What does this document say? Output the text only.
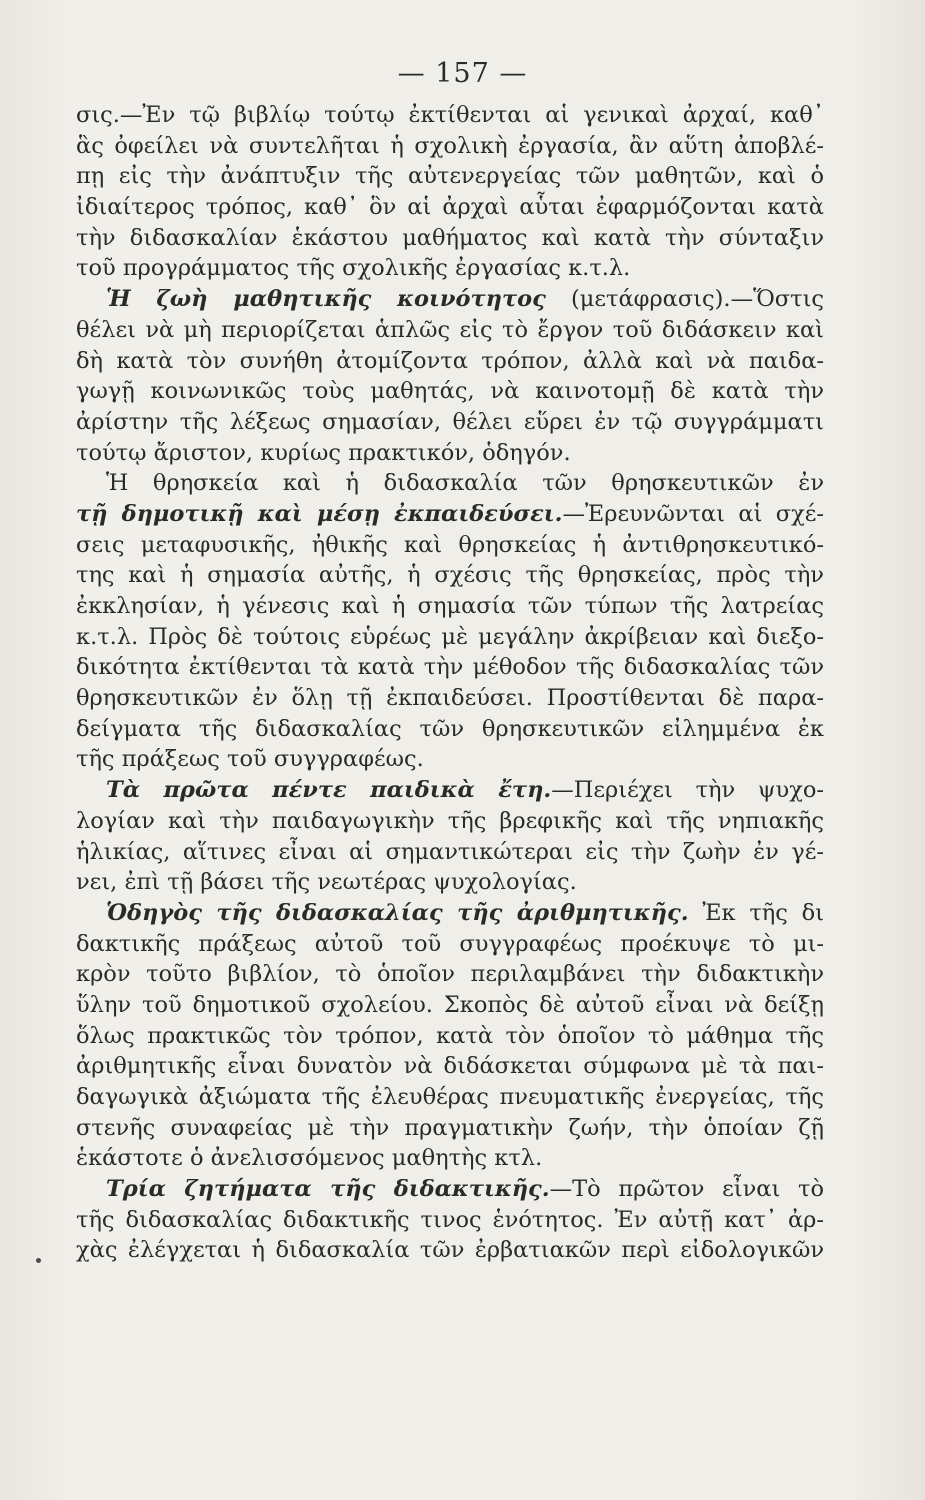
— 157 —
σις.—Ἐν τῷ βιβλίῳ τούτῳ ἐκτίθενται αἱ γενικαὶ ἀρχαί, καθ᾽
ἃς ὀφείλει νὰ συντελῆται ἡ σχολικὴ ἐργασία, ἂν αὕτη ἀποβλέ-
πῃ εἰς τὴν ἀνάπτυξιν τῆς αὐτενεργείας τῶν μαθητῶν, καὶ ὁ
ἰδιαίτερος τρόπος, καθ᾽ ὃν αἱ ἀρχαὶ αὗται ἐφαρμόζονται κατὰ
τὴν διδασκαλίαν ἑκάστου μαθήματος καὶ κατὰ τὴν σύνταξιν
τοῦ προγράμματος τῆς σχολικῆς ἐργασίας κ.τ.λ.
Ἡ ζωὴ μαθητικῆς κοινότητος (μετάφρασις).—Ὅστις
θέλει νὰ μὴ περιορίζεται ἁπλῶς εἰς τὸ ἔργον τοῦ διδάσκειν καὶ
δὴ κατὰ τὸν συνήθη ἀτομίζοντα τρόπον, ἀλλὰ καὶ νὰ παιδα-
γωγῇ κοινωνικῶς τοὺς μαθητάς, νὰ καινοτομῇ δὲ κατὰ τὴν
ἀρίστην τῆς λέξεως σημασίαν, θέλει εὕρει ἐν τῷ συγγράμματι
τούτῳ ἄριστον, κυρίως πρακτικόν, ὁδηγόν.
Ἡ θρησκεία καὶ ἡ διδασκαλία τῶν θρησκευτικῶν ἐν
τῇ δημοτικῇ καὶ μέσῃ ἐκπαιδεύσει.—Ἐρευνῶνται αἱ σχέ-
σεις μεταφυσικῆς, ἠθικῆς καὶ θρησκείας ἡ ἀντιθρησκευτικό-
της καὶ ἡ σημασία αὐτῆς, ἡ σχέσις τῆς θρησκείας, πρὸς τὴν
ἐκκλησίαν, ἡ γένεσις καὶ ἡ σημασία τῶν τύπων τῆς λατρείας
κ.τ.λ. Πρὸς δὲ τούτοις εὑρέως μὲ μεγάλην ἀκρίβειαν καὶ διεξο-
δικότητα ἐκτίθενται τὰ κατὰ τὴν μέθοδον τῆς διδασκαλίας τῶν
θρησκευτικῶν ἐν ὅλῃ τῇ ἐκπαιδεύσει. Προστίθενται δὲ παρα-
δείγματα τῆς διδασκαλίας τῶν θρησκευτικῶν εἰλημμένα ἐκ
τῆς πράξεως τοῦ συγγραφέως.
Τὰ πρῶτα πέντε παιδικὰ ἔτη.—Περιέχει τὴν ψυχο-
λογίαν καὶ τὴν παιδαγωγικὴν τῆς βρεφικῆς καὶ τῆς νηπιακῆς
ἡλικίας, αἵτινες εἶναι αἱ σημαντικώτεραι εἰς τὴν ζωὴν ἐν γέ-
νει, ἐπὶ τῇ βάσει τῆς νεωτέρας ψυχολογίας.
Ὁδηγὸς τῆς διδασκαλίας τῆς ἀριθμητικῆς. Ἐκ τῆς δι
δακτικῆς πράξεως αὐτοῦ τοῦ συγγραφέως προέκυψε τὸ μι-
κρὸν τοῦτο βιβλίον, τὸ ὁποῖον περιλαμβάνει τὴν διδακτικὴν
ὕλην τοῦ δημοτικοῦ σχολείου. Σκοπὸς δὲ αὐτοῦ εἶναι νὰ δείξῃ
ὅλως πρακτικῶς τὸν τρόπον, κατὰ τὸν ὁποῖον τὸ μάθημα τῆς
ἀριθμητικῆς εἶναι δυνατὸν νὰ διδάσκεται σύμφωνα μὲ τὰ παι-
δαγωγικὰ ἀξιώματα τῆς ἐλευθέρας πνευματικῆς ἐνεργείας, τῆς
στενῆς συναφείας μὲ τὴν πραγματικὴν ζωήν, τὴν ὁποίαν ζῇ
ἑκάστοτε ὁ ἀνελισσόμενος μαθητὴς κτλ.
Τρία ζητήματα τῆς διδακτικῆς.—Τὸ πρῶτον εἶναι τὸ
τῆς διδασκαλίας διδακτικῆς τινος ἑνότητος. Ἐν αὐτῇ κατ᾽ ἀρ-
χὰς ἐλέγχεται ἡ διδασκαλία τῶν ἐρβατιακῶν περὶ εἰδολογικῶν
